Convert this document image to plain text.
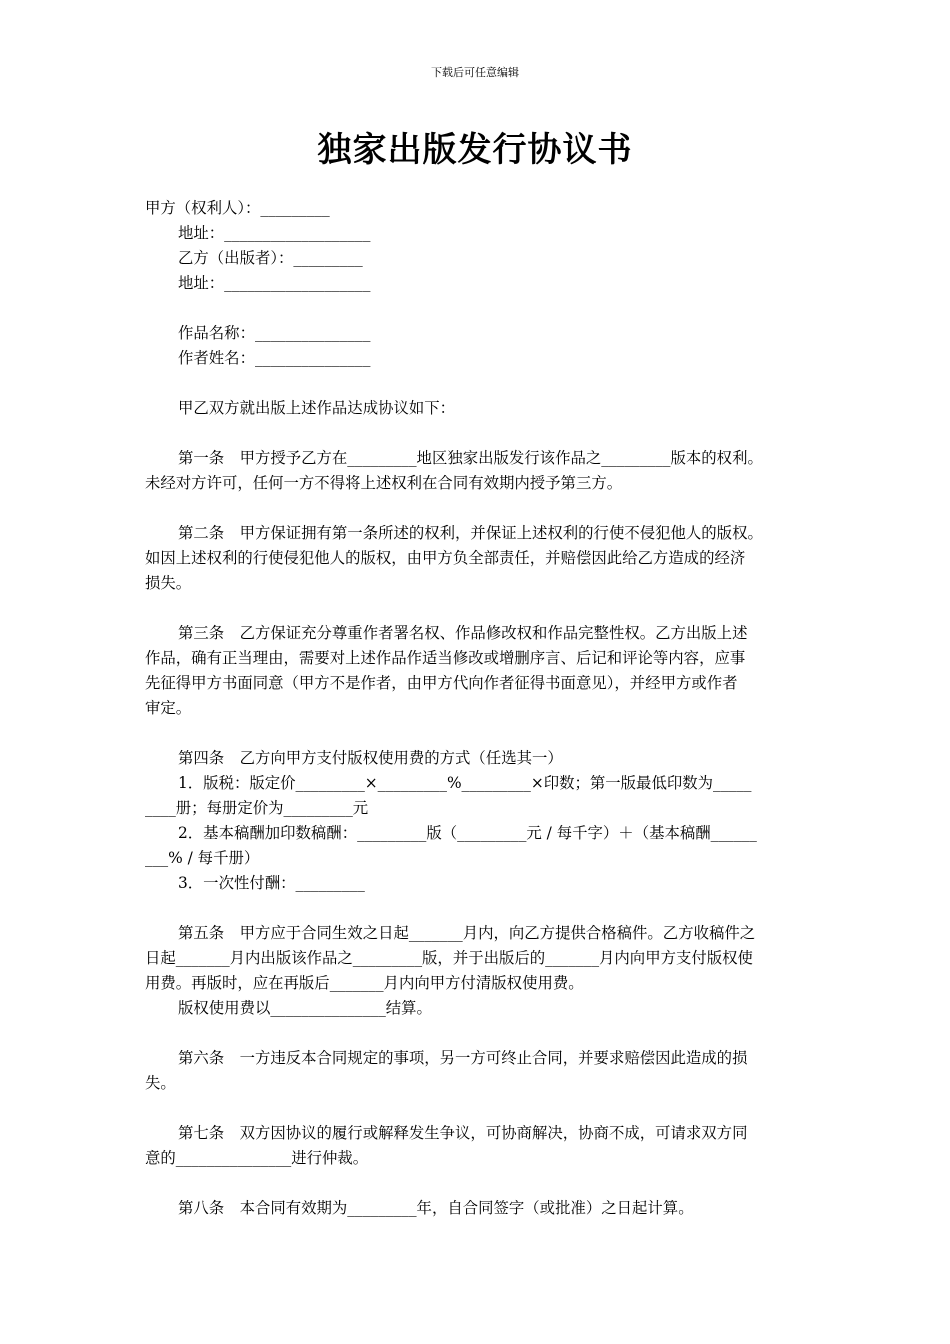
下载后可任意编辑
独家出版发行协议书
甲方（权利人）：_________
地址：___________________
乙方（出版者）：_________
地址：___________________
作品名称：_______________
作者姓名：_______________
甲乙双方就出版上述作品达成协议如下：
第一条　甲方授予乙方在_________地区独家出版发行该作品之_________版本的权利。
未经对方许可，任何一方不得将上述权利在合同有效期内授予第三方。
第二条　甲方保证拥有第一条所述的权利，并保证上述权利的行使不侵犯他人的版权。
如因上述权利的行使侵犯他人的版权，由甲方负全部责任，并赔偿因此给乙方造成的经济
损失。
第三条　乙方保证充分尊重作者署名权、作品修改权和作品完整性权。乙方出版上述
作品，确有正当理由，需要对上述作品作适当修改或增删序言、后记和评论等内容，应事
先征得甲方书面同意（甲方不是作者，由甲方代向作者征得书面意见），并经甲方或作者
审定。
第四条　乙方向甲方支付版权使用费的方式（任选其一）
1．版税：版定价_________×_________%_________×印数；第一版最低印数为_____
____册；每册定价为_________元
2．基本稿酬加印数稿酬：_________版（_________元 / 每千字）＋（基本稿酬______
___% / 每千册）
3．一次性付酬：_________
第五条　甲方应于合同生效之日起_______月内，向乙方提供合格稿件。乙方收稿件之
日起_______月内出版该作品之_________版，并于出版后的_______月内向甲方支付版权使
用费。再版时，应在再版后_______月内向甲方付清版权使用费。
版权使用费以_______________结算。
第六条　一方违反本合同规定的事项，另一方可终止合同，并要求赔偿因此造成的损
失。
第七条　双方因协议的履行或解释发生争议，可协商解决，协商不成，可请求双方同
意的_______________进行仲裁。
第八条　本合同有效期为_________年，自合同签字（或批准）之日起计算。
